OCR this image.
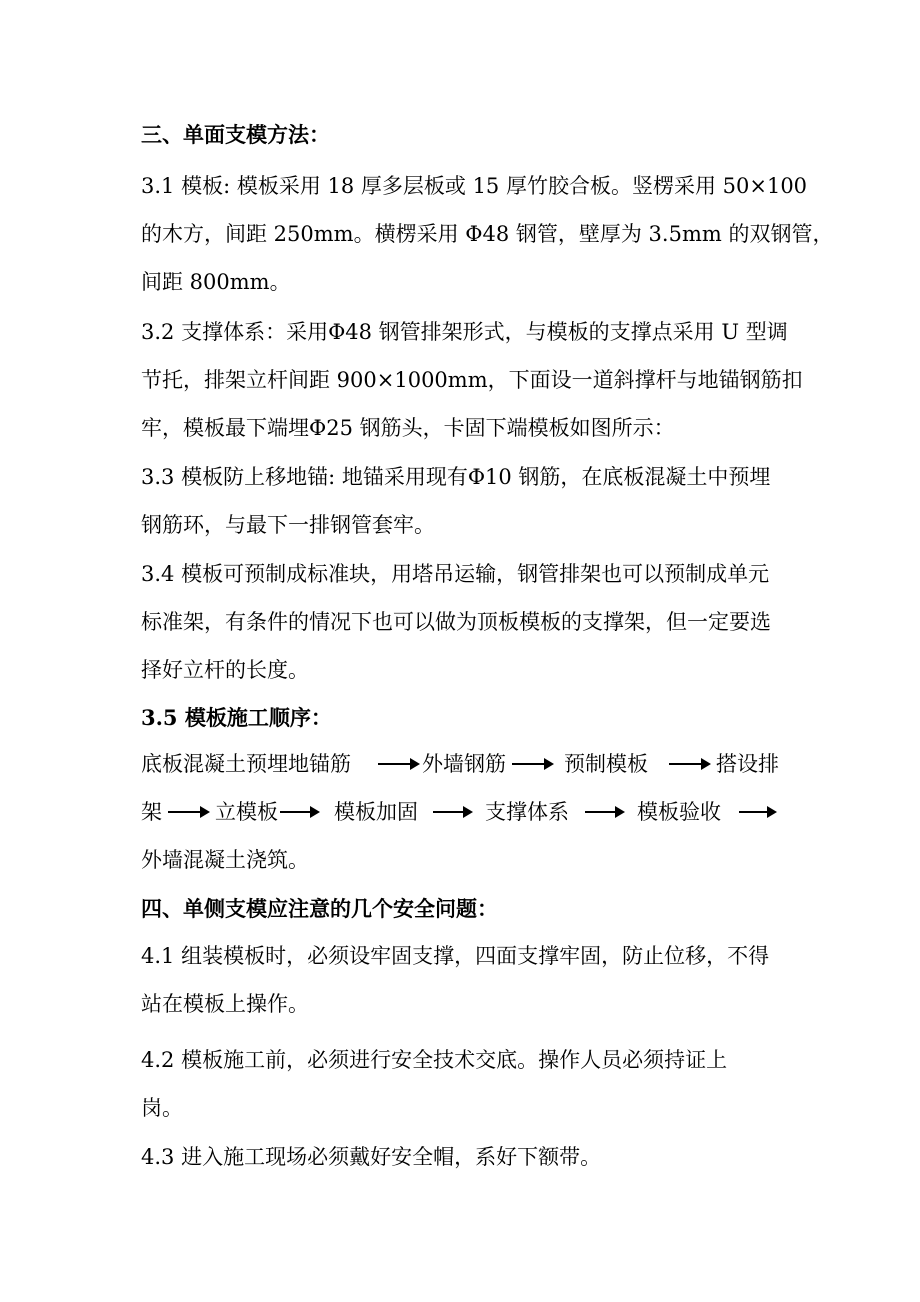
三、单面支模方法：
3.1 模板: 模板采用 18 厚多层板或 15 厚竹胶合板。竖楞采用 50×100
的木方，间距 250mm。横楞采用 Φ48 钢管，壁厚为 3.5mm 的双钢管，
间距 800mm。
3.2 支撑体系：采用Φ48 钢管排架形式，与模板的支撑点采用 U 型调
节托，排架立杆间距 900×1000mm，下面设一道斜撑杆与地锚钢筋扣
牢，模板最下端埋Φ25 钢筋头，卡固下端模板如图所示：
3.3 模板防上移地锚: 地锚采用现有Φ10 钢筋，在底板混凝土中预埋
钢筋环，与最下一排钢管套牢。
3.4 模板可预制成标准块，用塔吊运输，钢管排架也可以预制成单元
标准架，有条件的情况下也可以做为顶板模板的支撑架，但一定要选
择好立杆的长度。
3.5 模板施工顺序：
底板混凝土预埋地锚筋	外墙钢筋	预制模板	搭设排
架	立模板	模板加固	支撑体系	模板验收
外墙混凝土浇筑。
四、单侧支模应注意的几个安全问题：
4.1 组装模板时，必须设牢固支撑，四面支撑牢固，防止位移，不得
站在模板上操作。
4.2 模板施工前，必须进行安全技术交底。操作人员必须持证上
岗。
4.3 进入施工现场必须戴好安全帽，系好下额带。
